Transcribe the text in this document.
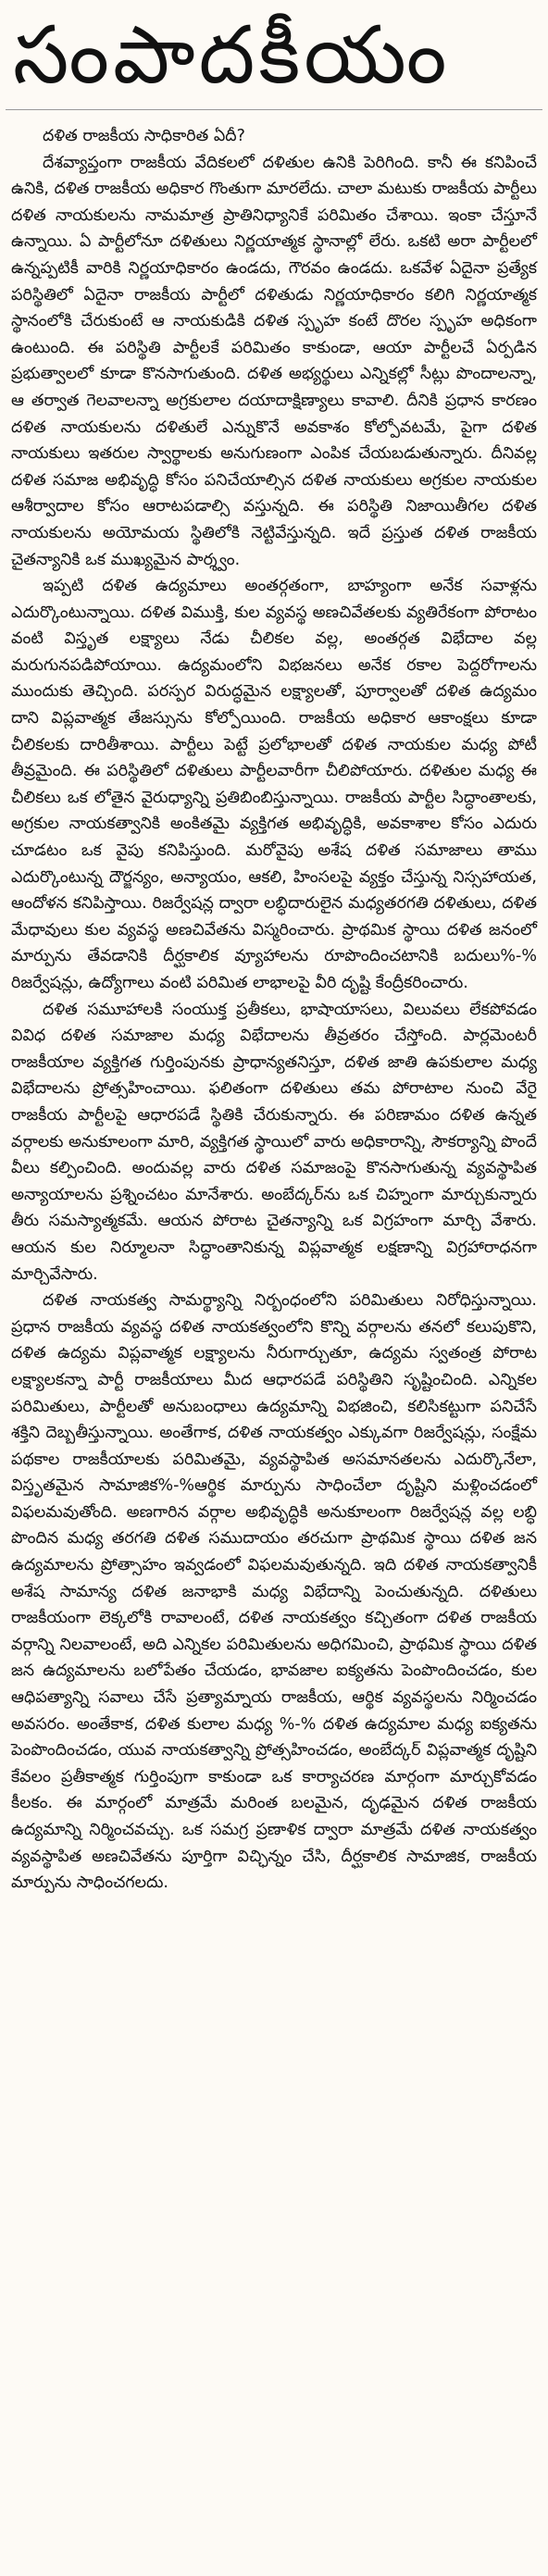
సంపాదకీయం

దళిత రాజకీయ సాధికారిత ఏదీ?

దేశవ్యాప్తంగా రాజకీయ వేదికలలో దళితుల ఉనికి పెరిగింది. కానీ ఈ కనిపించే ఉనికి, దళిత రాజకీయ అధికార గొంతుగా మారలేదు. చాలా మటుకు రాజకీయ పార్టీలు దళిత నాయకులను నామమాత్ర ప్రాతినిధ్యానికే పరిమితం చేశాయి. ఇంకా చేస్తూనే ఉన్నాయి. ఏ పార్టీలోనూ దళితులు నిర్ణయాత్మక స్థానాల్లో లేరు. ఒకటి అరా పార్టీలలో ఉన్నప్పటికీ వారికి నిర్ణయాధికారం ఉండదు, గౌరవం ఉండదు. ఒకవేళ ఏదైనా ప్రత్యేక పరిస్థితిలో ఏదైనా రాజకీయ పార్టీలో దళితుడు నిర్ణయాధికారం కలిగి నిర్ణయాత్మక స్థానంలోకి చేరుకుంటే ఆ నాయకుడికి దళిత స్పృహ కంటే దొరల స్పృహ అధికంగా ఉంటుంది. ఈ పరిస్థితి పార్టీలకే పరిమితం కాకుండా, ఆయా పార్టీలచే ఏర్పడిన ప్రభుత్వాలలో కూడా కొనసాగుతుంది. దళిత అభ్యర్థులు ఎన్నికల్లో సీట్లు పొందాలన్నా, ఆ తర్వాత గెలవాలన్నా అగ్రకులాల దయాదాక్షిణ్యాలు కావాలి. దీనికి ప్రధాన కారణం దళిత నాయకులను దళితులే ఎన్నుకొనే అవకాశం కోల్పోవటమే, పైగా దళిత నాయకులు ఇతరుల స్వార్థాలకు అనుగుణంగా ఎంపిక చేయబడుతున్నారు. దీనివల్ల దళిత సమాజ అభివృద్ధి కోసం పనిచేయాల్సిన దళిత నాయకులు అగ్రకుల నాయకుల ఆశీర్వాదాల కోసం ఆరాటపడాల్సి వస్తున్నది. ఈ పరిస్థితి నిజాయితీగల దళిత నాయకులను అయోమయ స్థితిలోకి నెట్టివేస్తున్నది. ఇదే ప్రస్తుత దళిత రాజకీయ చైతన్యానికి ఒక ముఖ్యమైన పార్శ్వం.

ఇప్పటి దళిత ఉద్యమాలు అంతర్గతంగా, బాహ్యంగా అనేక సవాళ్లను ఎదుర్కొంటున్నాయి. దళిత విముక్తి, కుల వ్యవస్థ అణచివేతలకు వ్యతిరేకంగా పోరాటం వంటి విస్తృత లక్ష్యాలు నేడు చీలికల వల్ల, అంతర్గత విభేదాల వల్ల మరుగునపడిపోయాయి. ఉద్యమంలోని విభజనలు అనేక రకాల పెద్దరోగాలను ముందుకు తెచ్చింది. పరస్పర విరుద్ధమైన లక్ష్యాలతో, పూర్వాలతో దళిత ఉద్యమం దాని విప్లవాత్మక తేజస్సును కోల్పోయింది. రాజకీయ అధికార ఆకాంక్షలు కూడా చీలికలకు దారితీశాయి. పార్టీలు పెట్టే ప్రలోభాలతో దళిత నాయకుల మధ్య పోటీ తీవ్రమైంది. ఈ పరిస్థితిలో దళితులు పార్టీలవారీగా చీలిపోయారు. దళితుల మధ్య ఈ చీలికలు ఒక లోతైన వైరుధ్యాన్ని ప్రతిబింబిస్తున్నాయి. రాజకీయ పార్టీల సిద్ధాంతాలకు, అగ్రకుల నాయకత్వానికి అంకితమై వ్యక్తిగత అభివృద్ధికి, అవకాశాల కోసం ఎదురు చూడటం ఒక వైపు కనిపిస్తుంది. మరోవైపు అశేష దళిత సమాజాలు తాము ఎదుర్కొంటున్న దౌర్జన్యం, అన్యాయం, ఆకలి, హింసలపై వ్యక్తం చేస్తున్న నిస్సహాయత, ఆందోళన కనిపిస్తాయి. రిజర్వేషన్ల ద్వారా లబ్ధిదారులైన మధ్యతరగతి దళితులు, దళిత మేధావులు కుల వ్యవస్థ అణచివేతను విస్మరించారు. ప్రాథమిక స్థాయి దళిత జనంలో మార్పును తేవడానికి దీర్ఘకాలిక వ్యూహాలను రూపొందించటానికి బదులు%-% రిజర్వేషన్లు, ఉద్యోగాలు వంటి పరిమిత లాభాలపై వీరి దృష్టి కేంద్రీకరించారు.

దళిత సమూహాలకి సంయుక్త ప్రతీకలు, భాషాయాసలు, విలువలు లేకపోవడం వివిధ దళిత సమాజాల మధ్య విభేదాలను తీవ్రతరం చేస్తోంది. పార్లమెంటరీ రాజకీయాల వ్యక్తిగత గుర్తింపునకు ప్రాధాన్యతనిస్తూ, దళిత జాతి ఉపకులాల మధ్య విభేదాలను ప్రోత్సహించాయి. ఫలితంగా దళితులు తమ పోరాటాల నుంచి వేరై రాజకీయ పార్టీలపై ఆధారపడే స్థితికి చేరుకున్నారు. ఈ పరిణామం దళిత ఉన్నత వర్గాలకు అనుకూలంగా మారి, వ్యక్తిగత స్థాయిలో వారు అధికారాన్ని, సౌకర్యాన్ని పొందే వీలు కల్పించింది. అందువల్ల వారు దళిత సమాజంపై కొనసాగుతున్న వ్యవస్థాపిత అన్యాయాలను ప్రశ్నించటం మానేశారు. అంబేద్కర్‌ను ఒక చిహ్నంగా మార్చుకున్నారు తీరు సమస్యాత్మకమే. ఆయన పోరాట చైతన్యాన్ని ఒక విగ్రహంగా మార్చి వేశారు. ఆయన కుల నిర్మూలనా సిద్ధాంతానికున్న విప్లవాత్మక లక్షణాన్ని విగ్రహారాధనగా మార్చివేసారు.

దళిత నాయకత్వ సామర్థ్యాన్ని నిర్బంధంలోని పరిమితులు నిరోధిస్తున్నాయి. ప్రధాన రాజకీయ వ్యవస్థ దళిత నాయకత్వంలోని కొన్ని వర్గాలను తనలో కలుపుకొని, దళిత ఉద్యమ విప్లవాత్మక లక్ష్యాలను నీరుగార్చుతూ, ఉద్యమ స్వతంత్ర పోరాట లక్ష్యాలకన్నా పార్టీ రాజకీయాలు మీద ఆధారపడే పరిస్థితిని సృష్టించింది. ఎన్నికల పరిమితులు, పార్టీలతో అనుబంధాలు ఉద్యమాన్ని విభజించి, కలిసికట్టుగా పనిచేసే శక్తిని దెబ్బతీస్తున్నాయి. అంతేగాక, దళిత నాయకత్వం ఎక్కువగా రిజర్వేషన్లు, సంక్షేమ పథకాల రాజకీయాలకు పరిమితమై, వ్యవస్థాపిత అసమానతలను ఎదుర్కొనేలా, విస్తృతమైన సామాజిక%-%ఆర్థిక మార్పును సాధించేలా దృష్టిని మళ్లించడంలో విఫలమవుతోంది. అణగారిన వర్గాల అభివృద్ధికి అనుకూలంగా రిజర్వేషన్ల వల్ల లబ్ధి పొందిన మధ్య తరగతి దళిత సముదాయం తరచుగా ప్రాథమిక స్థాయి దళిత జన ఉద్యమాలను ప్రోత్సాహం ఇవ్వడంలో విఫలమవుతున్నది. ఇది దళిత నాయకత్వానికీ అశేష సామాన్య దళిత జనాభాకి మధ్య విభేదాన్ని పెంచుతున్నది. దళితులు రాజకీయంగా లెక్కలోకి రావాలంటే, దళిత నాయకత్వం కచ్చితంగా దళిత రాజకీయ వర్గాన్ని నిలవాలంటే, అది ఎన్నికల పరిమితులను అధిగమించి, ప్రాథమిక స్థాయి దళిత జన ఉద్యమాలను బలోపేతం చేయడం, భావజాల ఐక్యతను పెంపొందించడం, కుల ఆధిపత్యాన్ని సవాలు చేసే ప్రత్యామ్నాయ రాజకీయ, ఆర్థిక వ్యవస్థలను నిర్మించడం అవసరం. అంతేకాక, దళిత కులాల మధ్య %-% దళిత ఉద్యమాల మధ్య ఐక్యతను పెంపొందించడం, యువ నాయకత్వాన్ని ప్రోత్సహించడం, అంబేద్కర్ విప్లవాత్మక దృష్టిని కేవలం ప్రతీకాత్మక గుర్తింపుగా కాకుండా ఒక కార్యాచరణ మార్గంగా మార్చుకోవడం కీలకం. ఈ మార్గంలో మాత్రమే మరింత బలమైన, దృఢమైన దళిత రాజకీయ ఉద్యమాన్ని నిర్మించవచ్చు. ఒక సమగ్ర ప్రణాళిక ద్వారా మాత్రమే దళిత నాయకత్వం వ్యవస్థాపిత అణచివేతను పూర్తిగా విచ్ఛిన్నం చేసి, దీర్ఘకాలిక సామాజిక, రాజకీయ మార్పును సాధించగలదు.
